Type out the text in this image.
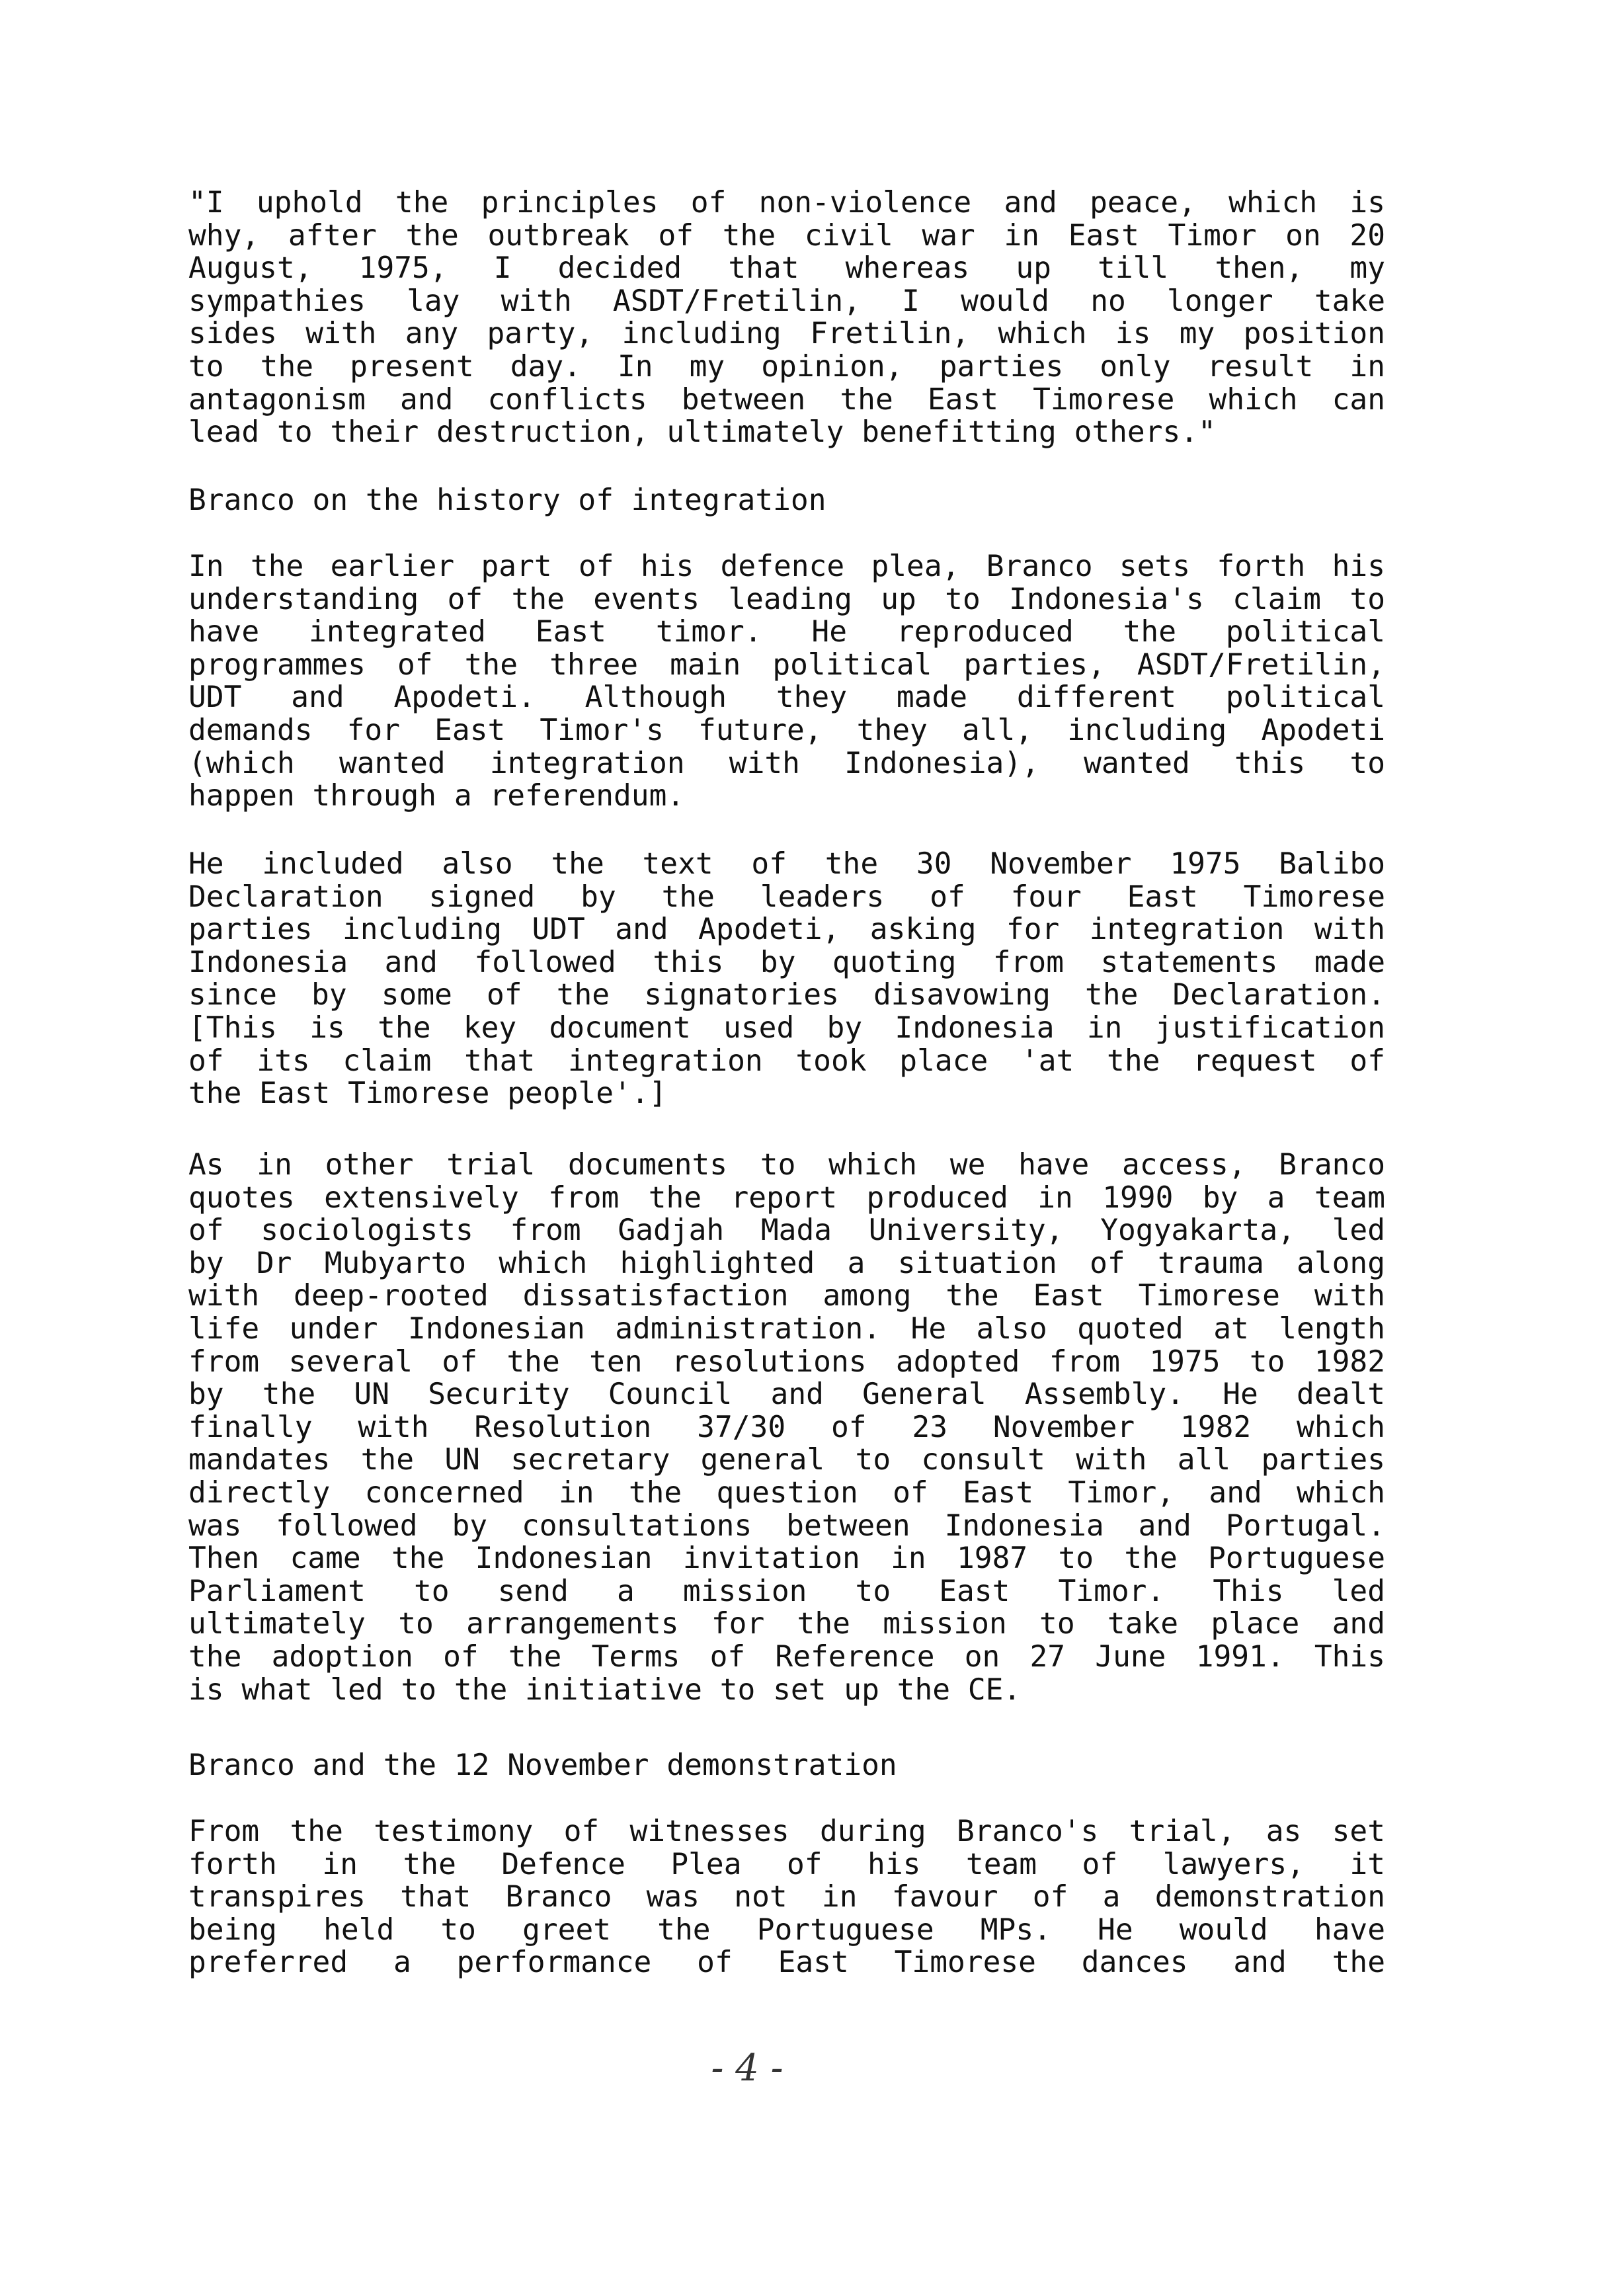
"I uphold the principles of non-violence and peace, which is
why, after the outbreak of the civil war in East Timor on 20
August, 1975, I decided that whereas up till then, my
sympathies lay with ASDT/Fretilin, I would no longer take
sides with any party, including Fretilin, which is my position
to the present day. In my opinion, parties only result in
antagonism and conflicts between the East Timorese which can
lead to their destruction, ultimately benefitting others."
Branco on the history of integration
In the earlier part of his defence plea, Branco sets forth his
understanding of the events leading up to Indonesia's claim to
have integrated East timor. He reproduced the political
programmes of the three main political parties, ASDT/Fretilin,
UDT and Apodeti. Although they made different political
demands for East Timor's future, they all, including Apodeti
(which wanted integration with Indonesia), wanted this to
happen through a referendum.
He included also the text of the 30 November 1975 Balibo
Declaration signed by the leaders of four East Timorese
parties including UDT and Apodeti, asking for integration with
Indonesia and followed this by quoting from statements made
since by some of the signatories disavowing the Declaration.
[This is the key document used by Indonesia in justification
of its claim that integration took place 'at the request of
the East Timorese people'.]
As in other trial documents to which we have access, Branco
quotes extensively from the report produced in 1990 by a team
of sociologists from Gadjah Mada University, Yogyakarta, led
by Dr Mubyarto which highlighted a situation of trauma along
with deep-rooted dissatisfaction among the East Timorese with
life under Indonesian administration. He also quoted at length
from several of the ten resolutions adopted from 1975 to 1982
by the UN Security Council and General Assembly. He dealt
finally with Resolution 37/30 of 23 November 1982 which
mandates the UN secretary general to consult with all parties
directly concerned in the question of East Timor, and which
was followed by consultations between Indonesia and Portugal.
Then came the Indonesian invitation in 1987 to the Portuguese
Parliament to send a mission to East Timor. This led
ultimately to arrangements for the mission to take place and
the adoption of the Terms of Reference on 27 June 1991. This
is what led to the initiative to set up the CE.
Branco and the 12 November demonstration
From the testimony of witnesses during Branco's trial, as set
forth in the Defence Plea of his team of lawyers, it
transpires that Branco was not in favour of a demonstration
being held to greet the Portuguese MPs. He would have
preferred a performance of East Timorese dances and the
- 4 -
